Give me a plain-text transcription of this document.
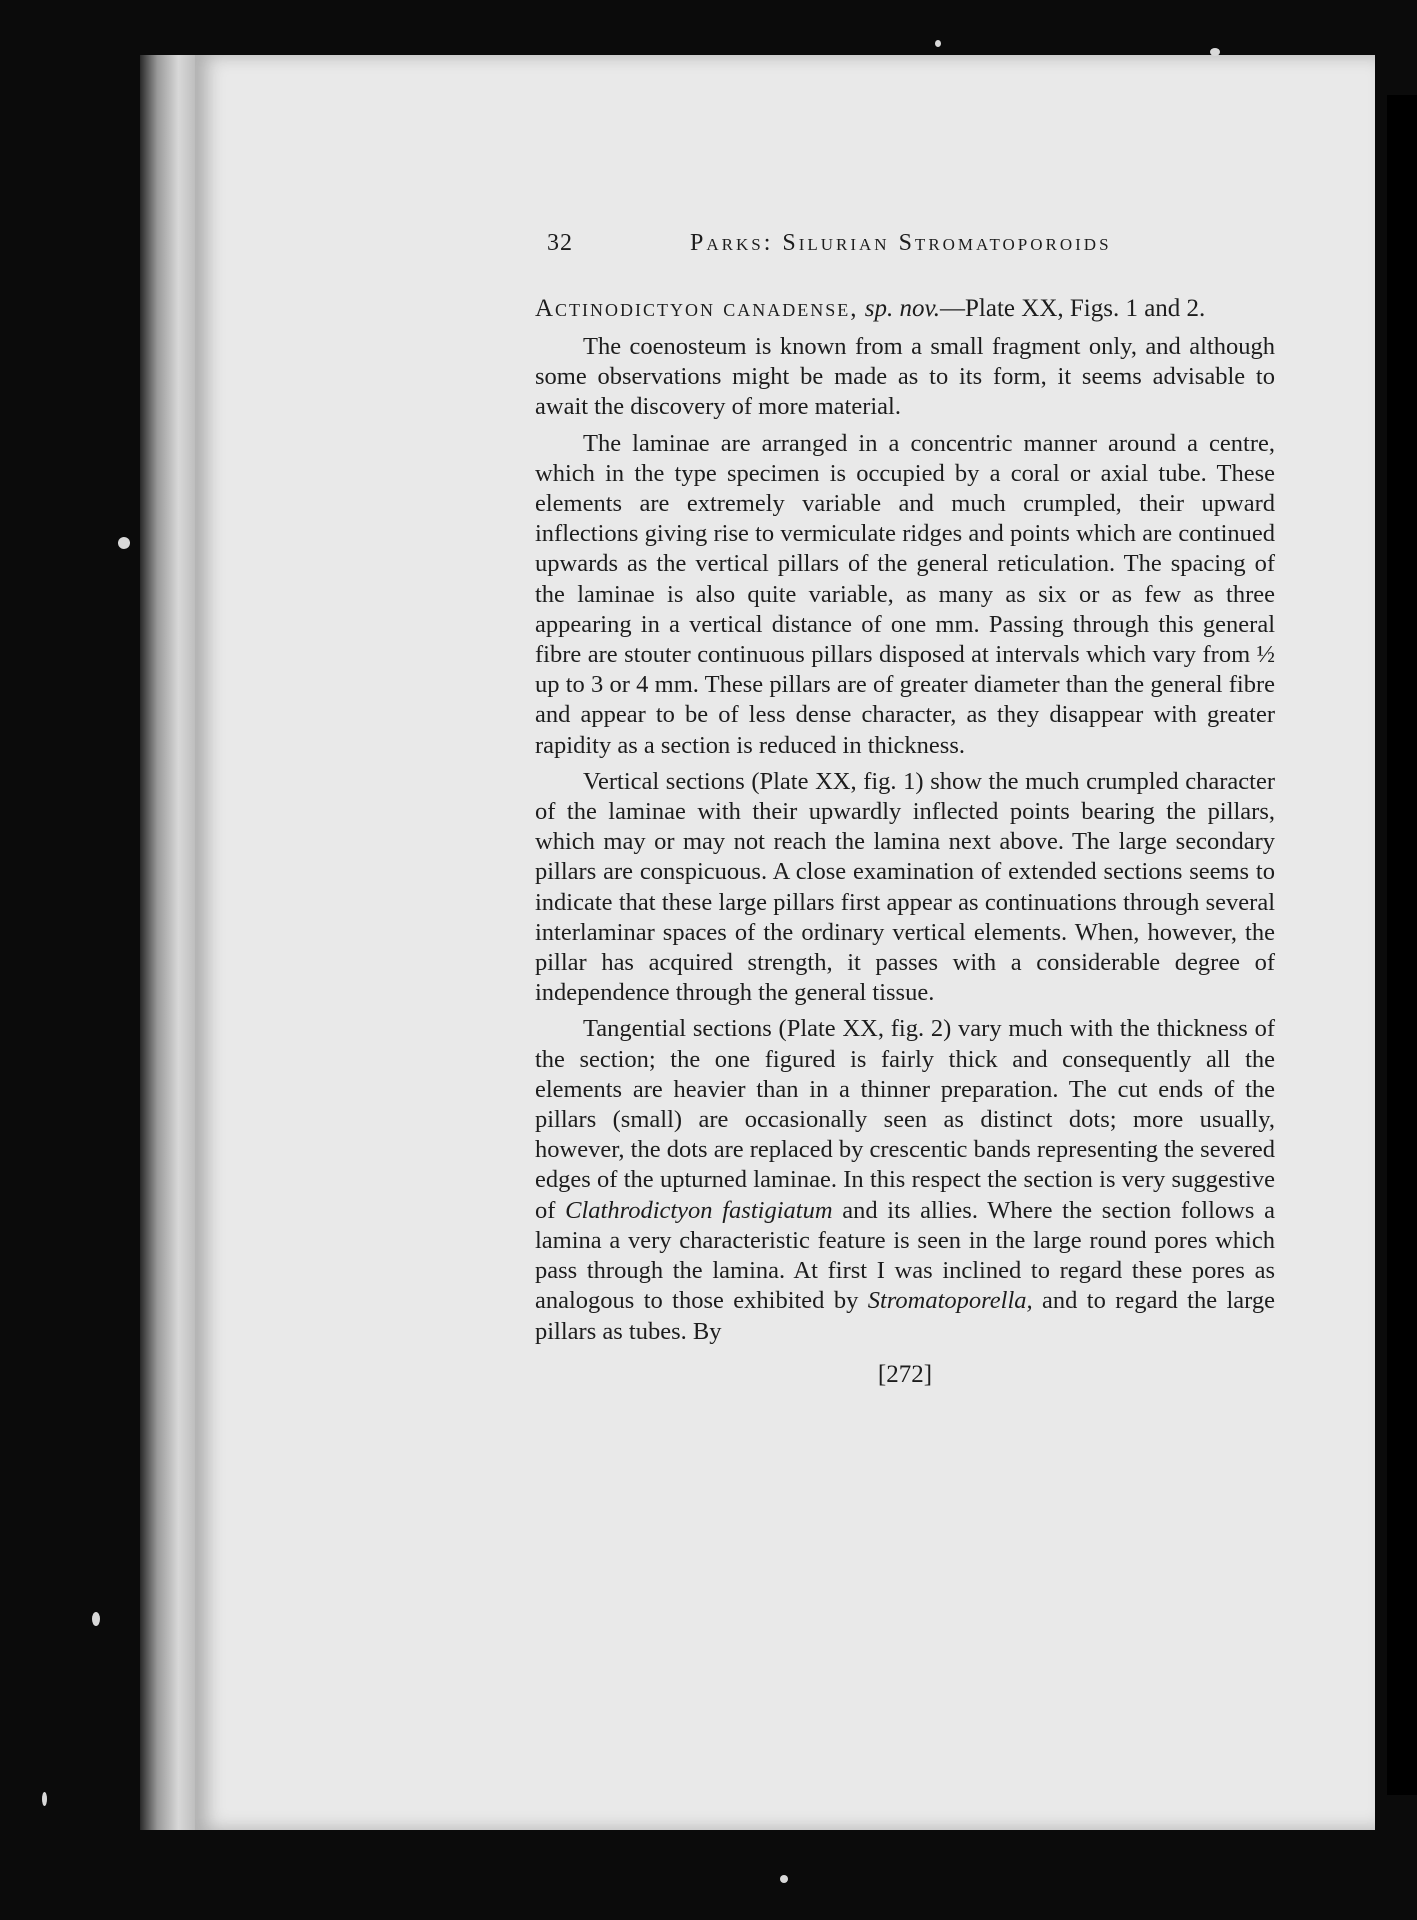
32	Parks: Silurian Stromatoporoids
Actinodictyon canadense, sp. nov.—Plate XX, Figs. 1 and 2.

The coenosteum is known from a small fragment only, and although some observations might be made as to its form, it seems advisable to await the discovery of more material.

The laminae are arranged in a concentric manner around a centre, which in the type specimen is occupied by a coral or axial tube. These elements are extremely variable and much crumpled, their upward inflections giving rise to vermiculate ridges and points which are continued upwards as the vertical pillars of the general reticulation. The spacing of the laminae is also quite variable, as many as six or as few as three appearing in a vertical distance of one mm. Passing through this general fibre are stouter continuous pillars disposed at intervals which vary from ½ up to 3 or 4 mm. These pillars are of greater diameter than the general fibre and appear to be of less dense character, as they disappear with greater rapidity as a section is reduced in thickness.

Vertical sections (Plate XX, fig. 1) show the much crumpled character of the laminae with their upwardly inflected points bearing the pillars, which may or may not reach the lamina next above. The large secondary pillars are conspicuous. A close examination of extended sections seems to indicate that these large pillars first appear as continuations through several interlaminar spaces of the ordinary vertical elements. When, however, the pillar has acquired strength, it passes with a considerable degree of independence through the general tissue.

Tangential sections (Plate XX, fig. 2) vary much with the thickness of the section; the one figured is fairly thick and consequently all the elements are heavier than in a thinner preparation. The cut ends of the pillars (small) are occasionally seen as distinct dots; more usually, however, the dots are replaced by crescentic bands representing the severed edges of the upturned laminae. In this respect the section is very suggestive of Clathrodictyon fastigiatum and its allies. Where the section follows a lamina a very characteristic feature is seen in the large round pores which pass through the lamina. At first I was inclined to regard these pores as analogous to those exhibited by Stromatoporella, and to regard the large pillars as tubes. By

[272]
